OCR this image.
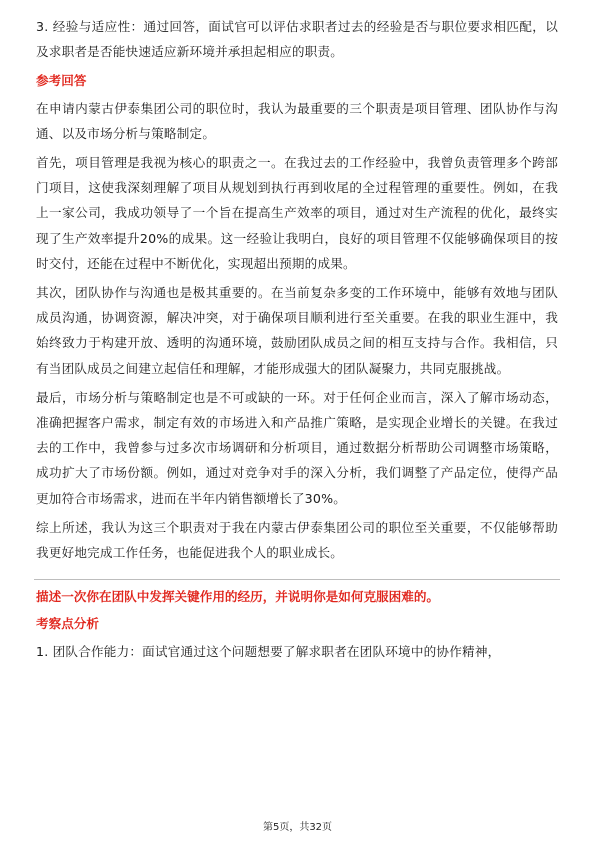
3. 经验与适应性：通过回答，面试官可以评估求职者过去的经验是否与职位要求相匹配，以及求职者是否能快速适应新环境并承担起相应的职责。

参考回答

在申请内蒙古伊泰集团公司的职位时，我认为最重要的三个职责是项目管理、团队协作与沟通、以及市场分析与策略制定。

首先，项目管理是我视为核心的职责之一。在我过去的工作经验中，我曾负责管理多个跨部门项目，这使我深刻理解了项目从规划到执行再到收尾的全过程管理的重要性。例如，在我上一家公司，我成功领导了一个旨在提高生产效率的项目，通过对生产流程的优化，最终实现了生产效率提升20%的成果。这一经验让我明白，良好的项目管理不仅能够确保项目的按时交付，还能在过程中不断优化，实现超出预期的成果。

其次，团队协作与沟通也是极其重要的。在当前复杂多变的工作环境中，能够有效地与团队成员沟通，协调资源，解决冲突，对于确保项目顺利进行至关重要。在我的职业生涯中，我始终致力于构建开放、透明的沟通环境，鼓励团队成员之间的相互支持与合作。我相信，只有当团队成员之间建立起信任和理解，才能形成强大的团队凝聚力，共同克服挑战。

最后，市场分析与策略制定也是不可或缺的一环。对于任何企业而言，深入了解市场动态，准确把握客户需求，制定有效的市场进入和产品推广策略，是实现企业增长的关键。在我过去的工作中，我曾参与过多次市场调研和分析项目，通过数据分析帮助公司调整市场策略，成功扩大了市场份额。例如，通过对竞争对手的深入分析，我们调整了产品定位，使得产品更加符合市场需求，进而在半年内销售额增长了30%。

综上所述，我认为这三个职责对于我在内蒙古伊泰集团公司的职位至关重要，不仅能够帮助我更好地完成工作任务，也能促进我个人的职业成长。

描述一次你在团队中发挥关键作用的经历，并说明你是如何克服困难的。
考察点分析

1. 团队合作能力：面试官通过这个问题想要了解求职者在团队环境中的协作精神，

第5页，共32页
